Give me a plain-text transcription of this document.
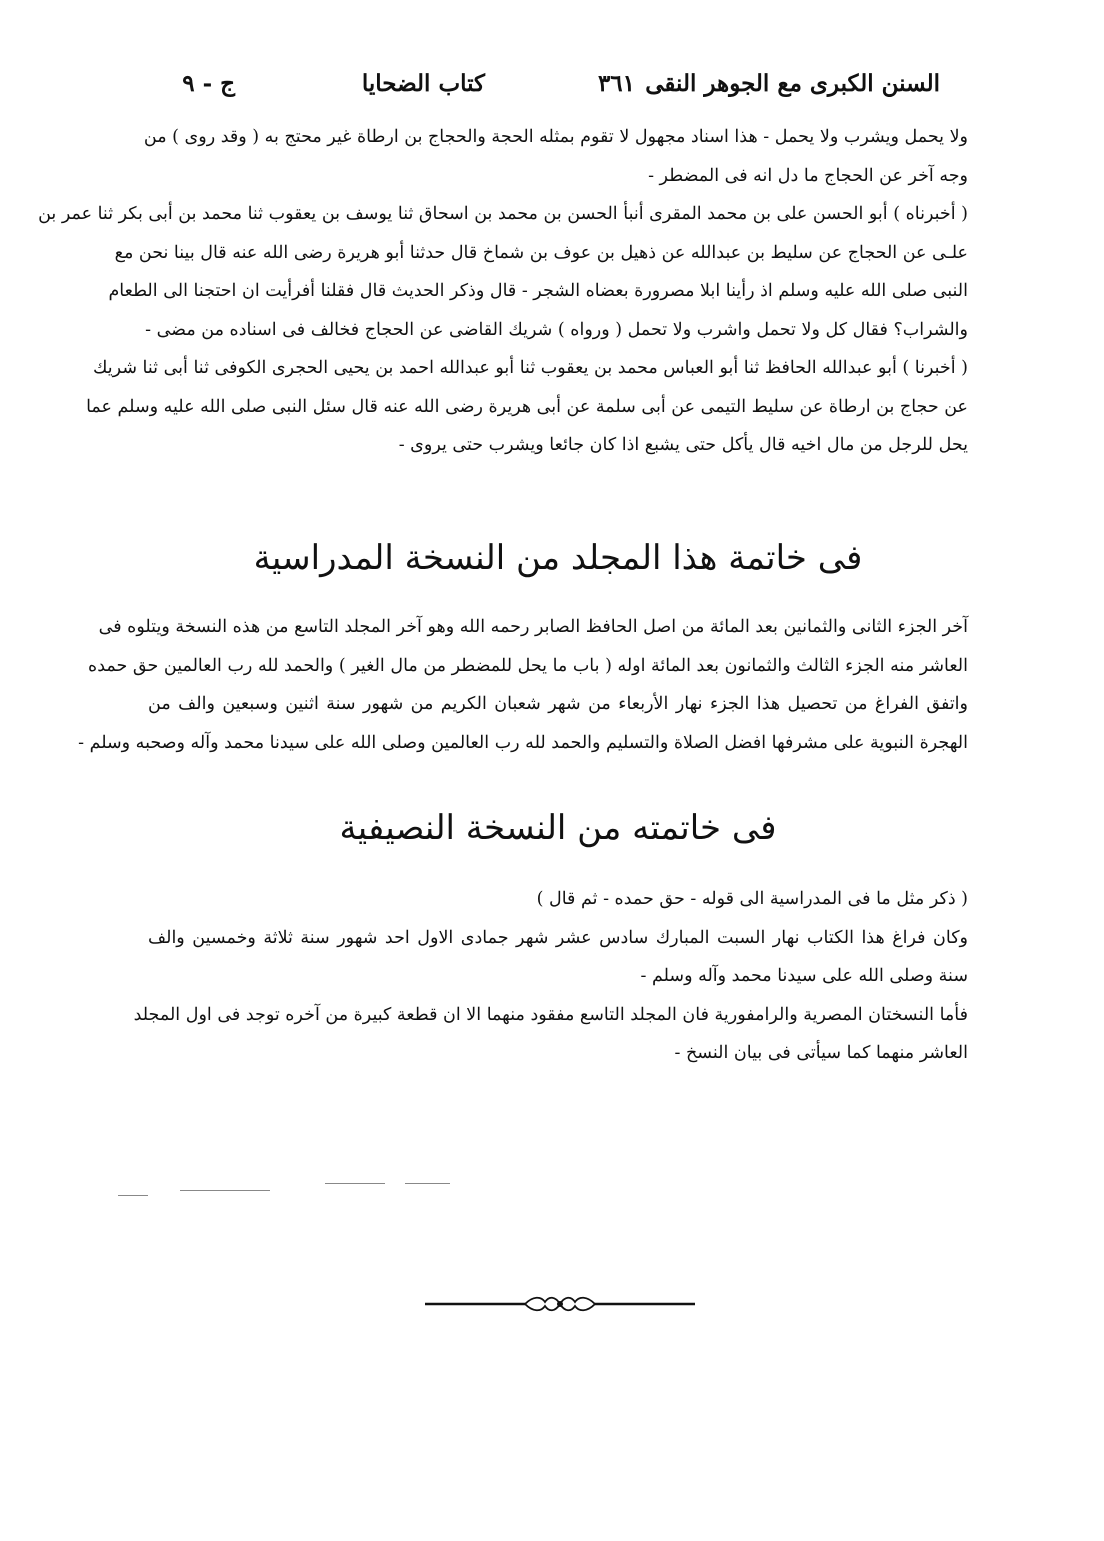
السنن الكبرى مع الجوهر النقى
٣٦١
كتاب الضحايا
ج - ٩
ولا يحمل ويشرب ولا يحمل - هذا اسناد مجهول لا تقوم بمثله الحجة والحجاج بن ارطاة غير محتج به ( وقد روى ) من
وجه آخر عن الحجاج ما دل انه فى المضطر -
( أخبرناه ) أبو الحسن على بن محمد المقرى أنبأ الحسن بن محمد بن اسحاق ثنا يوسف بن يعقوب ثنا محمد بن أبى بكر ثنا عمر بن
علـى عن الحجاج عن سليط بن عبدالله عن ذهيل بن عوف بن شماخ قال حدثنا أبو هريرة رضى الله عنه قال بينا نحن مع
النبى صلى الله عليه وسلم اذ رأينا ابلا مصرورة بعضاه الشجر - قال وذكر الحديث قال فقلنا أفرأيت ان احتجنا الى الطعام
والشراب؟ فقال كل ولا تحمل واشرب ولا تحمل ( ورواه ) شريك القاضى عن الحجاج فخالف فى اسناده من مضى -
( أخبرنا ) أبو عبدالله الحافظ ثنا أبو العباس محمد بن يعقوب ثنا أبو عبدالله احمد بن يحيى الحجرى الكوفى ثنا أبى ثنا شريك
عن حجاج بن ارطاة عن سليط التيمى عن أبى سلمة عن أبى هريرة رضى الله عنه قال سئل النبى صلى الله عليه وسلم عما
يحل للرجل من مال اخيه قال يأكل حتى يشبع اذا كان جائعا ويشرب حتى يروى -
فى خاتمة هذا المجلد من النسخة المدراسية
آخر الجزء الثانى والثمانين بعد المائة من اصل الحافظ الصابر رحمه الله وهو آخر المجلد التاسع من هذه النسخة ويتلوه فى
العاشر منه الجزء الثالث والثمانون بعد المائة اوله ( باب ما يحل للمضطر من مال الغير ) والحمد لله رب العالمين حق حمده
واتفق الفراغ من تحصيل هذا الجزء نهار الأربعاء من شهر شعبان الكريم من شهور سنة اثنين وسبعين والف من
الهجرة النبوية على مشرفها افضل الصلاة والتسليم والحمد لله رب العالمين وصلى الله على سيدنا محمد وآله وصحبه وسلم -
فى خاتمته من النسخة النصيفية
( ذكر مثل ما فى المدراسية الى قوله - حق حمده - ثم قال )
وكان فراغ هذا الكتاب نهار السبت المبارك سادس عشر شهر جمادى الاول احد شهور سنة ثلاثة وخمسين والف
سنة وصلى الله على سيدنا محمد وآله وسلم -
فأما النسختان المصرية والرامفورية فان المجلد التاسع مفقود منهما الا ان قطعة كبيرة من آخره توجد فى اول المجلد
العاشر منهما كما سيأتى فى بيان النسخ -
